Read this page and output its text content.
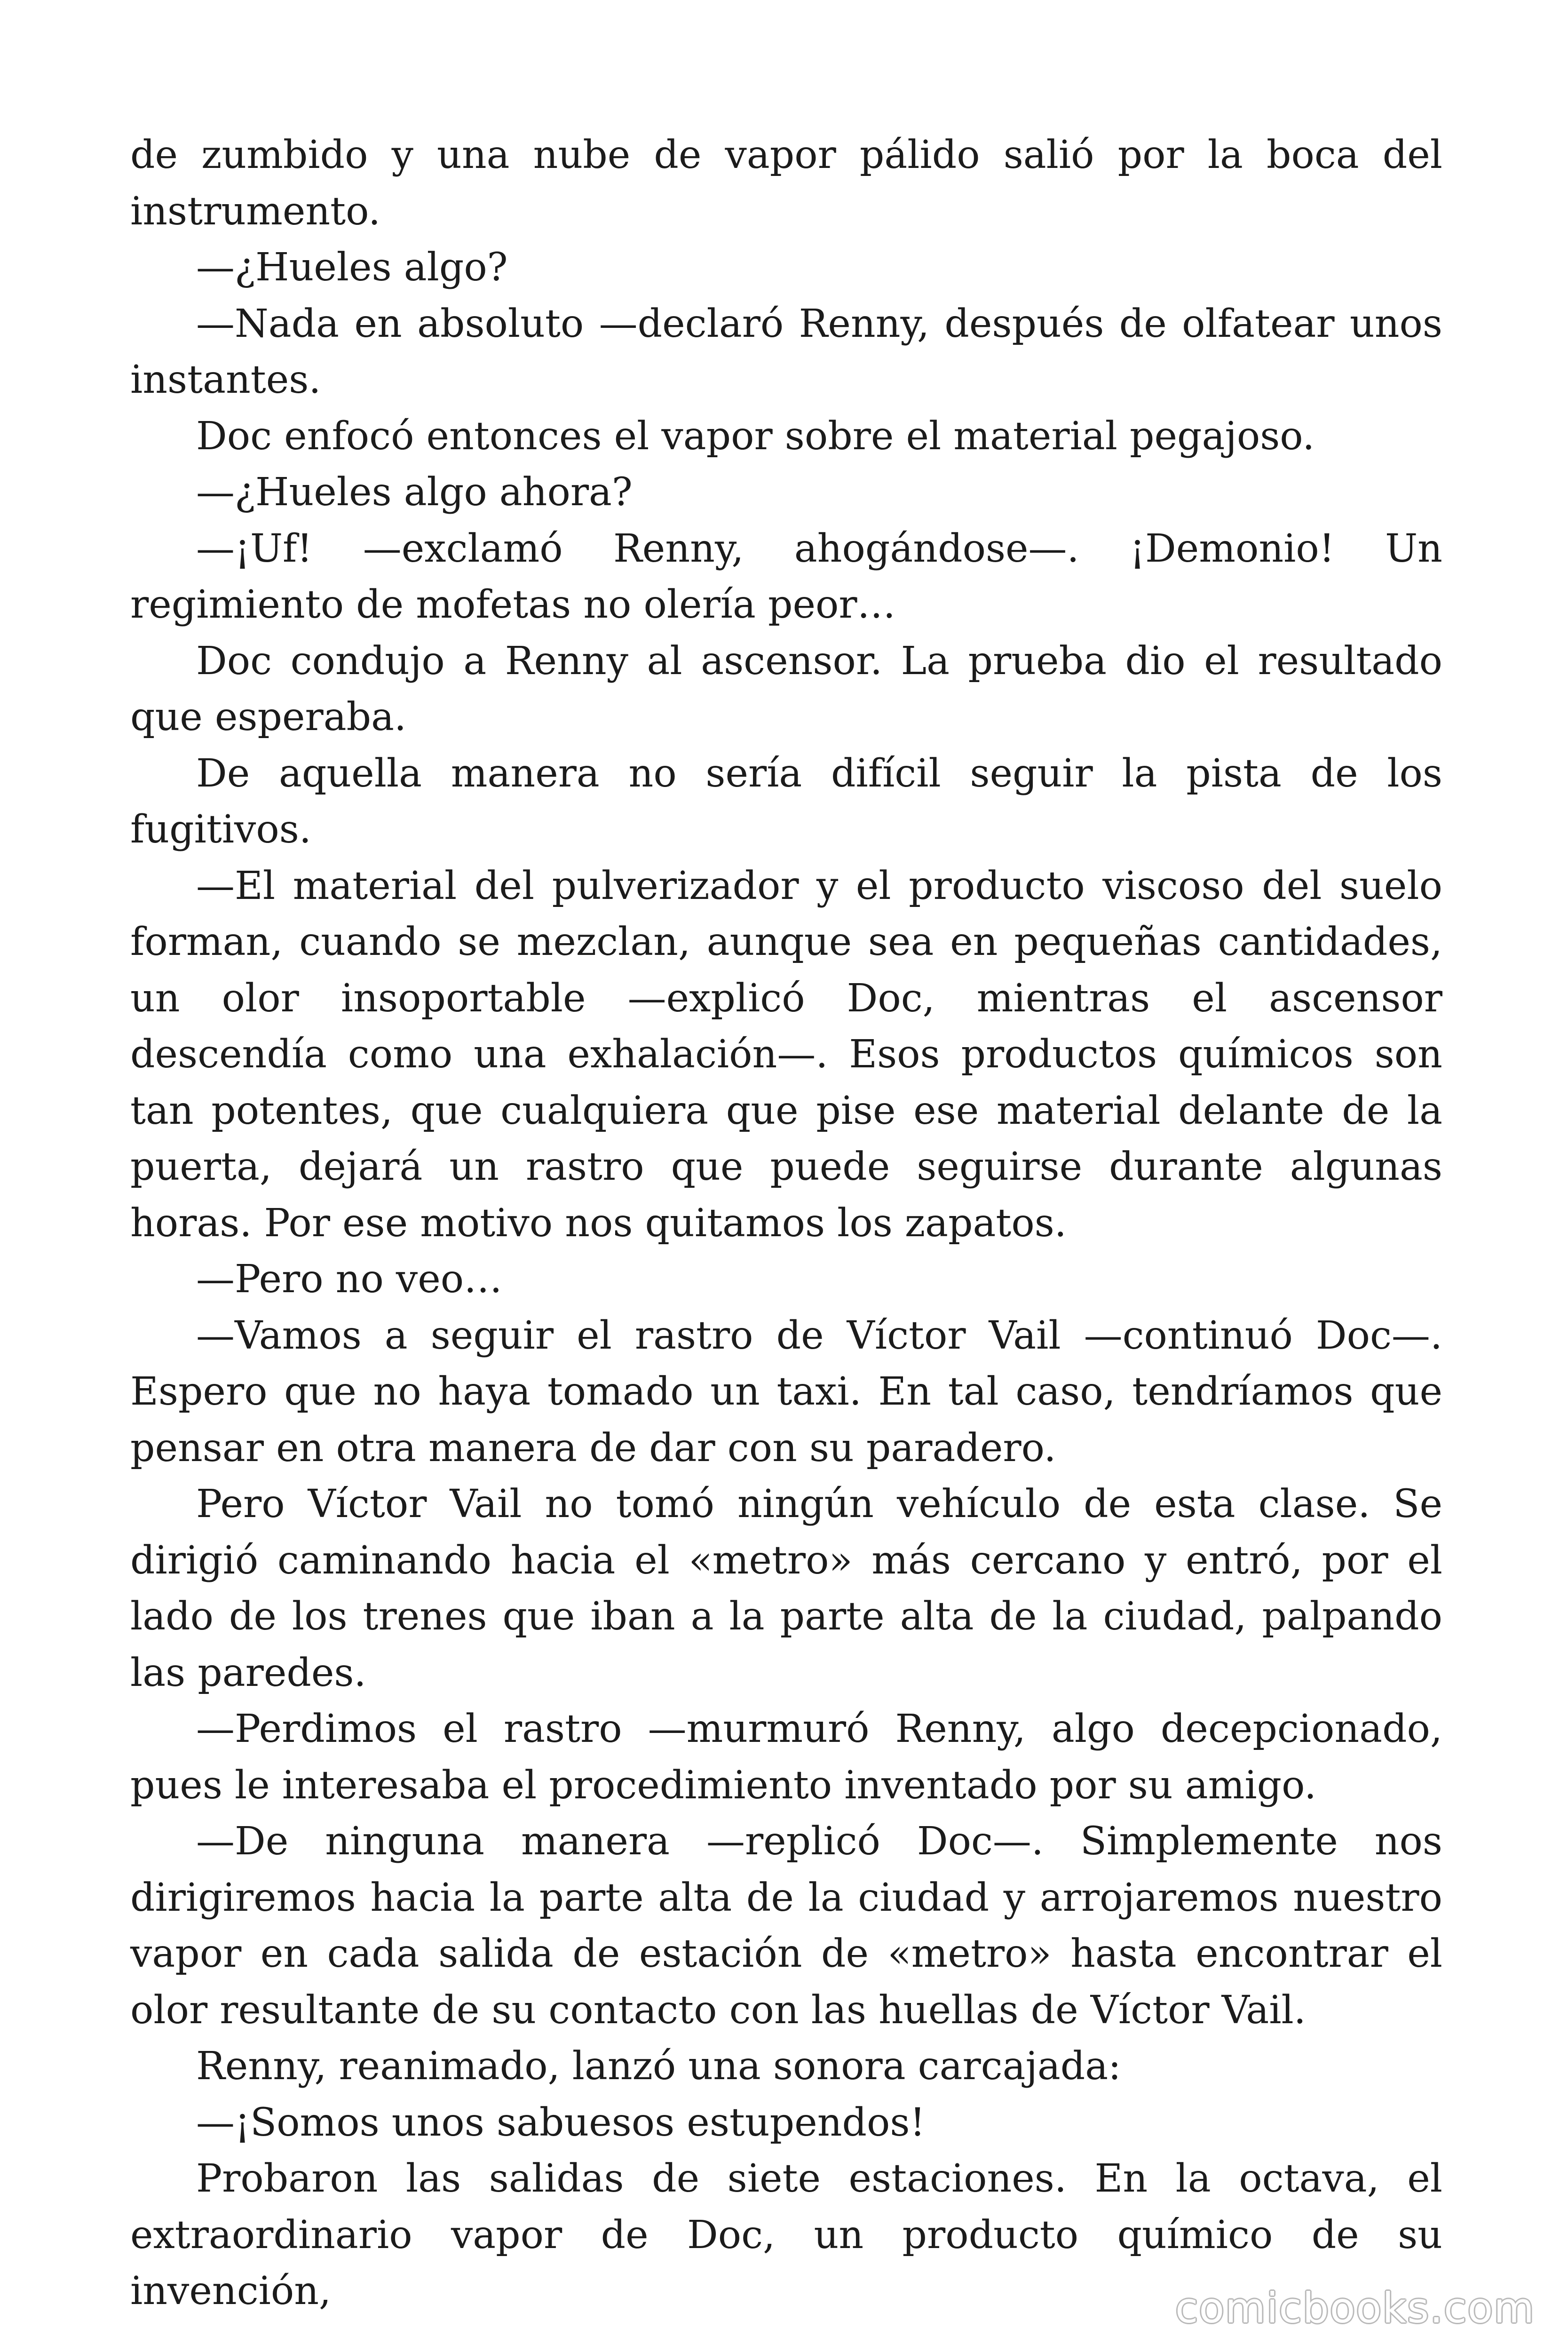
de zumbido y una nube de vapor pálido salió por la boca del instrumento.

—¿Hueles algo?

—Nada en absoluto —declaró Renny, después de olfatear unos instantes.

Doc enfocó entonces el vapor sobre el material pegajoso.

—¿Hueles algo ahora?

—¡Uf! —exclamó Renny, ahogándose—. ¡Demonio! Un regimiento de mofetas no olería peor…

Doc condujo a Renny al ascensor. La prueba dio el resultado que esperaba.

De aquella manera no sería difícil seguir la pista de los fugitivos.

—El material del pulverizador y el producto viscoso del suelo forman, cuando se mezclan, aunque sea en pequeñas cantidades, un olor insoportable —explicó Doc, mientras el ascensor descendía como una exhalación—. Esos productos químicos son tan potentes, que cualquiera que pise ese material delante de la puerta, dejará un rastro que puede seguirse durante algunas horas. Por ese motivo nos quitamos los zapatos.

—Pero no veo…

—Vamos a seguir el rastro de Víctor Vail —continuó Doc—. Espero que no haya tomado un taxi. En tal caso, tendríamos que pensar en otra manera de dar con su paradero.

Pero Víctor Vail no tomó ningún vehículo de esta clase. Se dirigió caminando hacia el «metro» más cercano y entró, por el lado de los trenes que iban a la parte alta de la ciudad, palpando las paredes.

—Perdimos el rastro —murmuró Renny, algo decepcionado, pues le interesaba el procedimiento inventado por su amigo.

—De ninguna manera —replicó Doc—. Simplemente nos dirigiremos hacia la parte alta de la ciudad y arrojaremos nuestro vapor en cada salida de estación de «metro» hasta encontrar el olor resultante de su contacto con las huellas de Víctor Vail.

Renny, reanimado, lanzó una sonora carcajada:

—¡Somos unos sabuesos estupendos!

Probaron las salidas de siete estaciones. En la octava, el extraordinario vapor de Doc, un producto químico de su invención,	comicbooks.com
